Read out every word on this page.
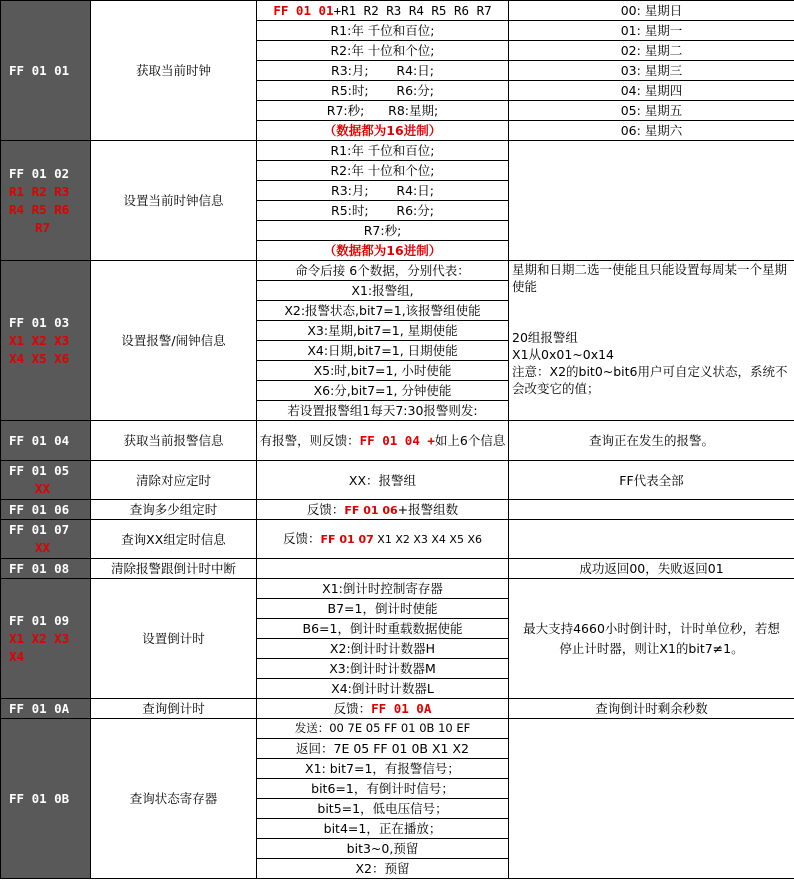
FF 01 01	获取当前时钟	FF 01 01+R1 R2 R3 R4 R5 R6 R7	00: 星期日
		R1:年 千位和百位;	01: 星期一
		R2:年 十位和个位;	02: 星期二
		R3:月;       R4:日;	03: 星期三
		R5:时;       R6:分;	04: 星期四
		R7:秒;      R8:星期;	05: 星期五
		（数据都为16进制）	06: 星期六

FF 01 02
R1 R2 R3
R4 R5 R6
R7	设置当前时钟信息	R1:年 千位和百位;	
		R2:年 十位和个位;	
		R3:月;       R4:日;	
		R5:时;       R6:分;	
		R7:秒;	
		（数据都为16进制）	

FF 01 03
X1 X2 X3
X4 X5 X6	设置报警/闹钟信息	命令后接 6个数据，分别代表：	星期和日期二选一使能且只能设置每周某一个星期使能
20组报警组
X1从0x01~0x14
注意：X2的bit0~bit6用户可自定义状态，系统不会改变它的值；

		X1:报警组,	
		X2:报警状态,bit7=1,该报警组使能	
		X3:星期,bit7=1, 星期使能	
		X4:日期,bit7=1, 日期使能	
		X5:时,bit7=1, 小时使能	
		X6:分,bit7=1, 分钟使能	
		若设置报警组1每天7:30报警则发:	

FF 01 04	获取当前报警信息	有报警，则反馈：FF 01 04 +如上6个信息	查询正在发生的报警。

FF 01 05
XX	清除对应定时	XX：报警组	FF代表全部

FF 01 06	查询多少组定时	反馈：FF 01 06+报警组数	

FF 01 07
XX	查询XX组定时信息	反馈：FF 01 07 X1 X2 X3 X4 X5 X6	

FF 01 08	清除报警跟倒计时中断		成功返回00，失败返回01

FF 01 09
X1 X2 X3
X4	设置倒计时	X1:倒计时控制寄存器	最大支持4660小时倒计时，计时单位秒，若想停止计时器，则让X1的bit7≠1。
		B7=1，倒计时使能	
		B6=1，倒计时重载数据使能	
		X2:倒计时计数器H	
		X3:倒计时计数器M	
		X4:倒计时计数器L	

FF 01 0A	查询倒计时	反馈：FF 01 0A	查询倒计时剩余秒数

FF 01 0B	查询状态寄存器	发送：00 7E 05 FF 01 0B 10 EF	
		返回：7E 05 FF 01 0B X1 X2	
		X1: bit7=1，有报警信号；	
		bit6=1，有倒计时信号；	
		bit5=1，低电压信号；	
		bit4=1，正在播放；	
		bit3~0,预留	
		X2：预留	
